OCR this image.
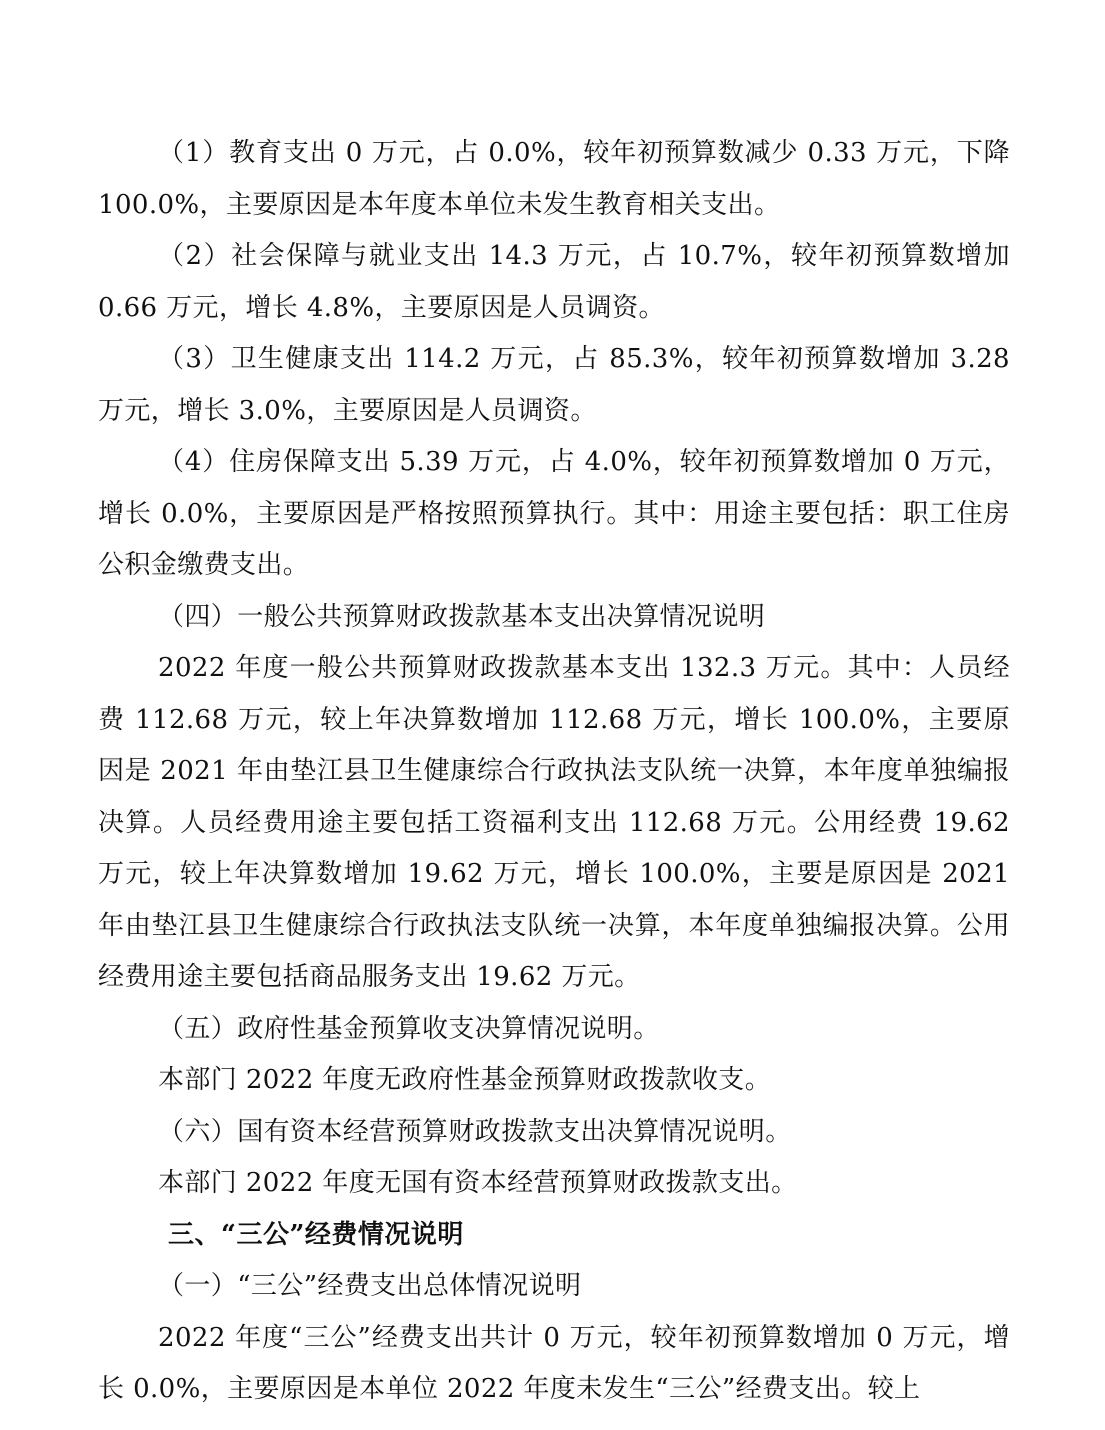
（1）教育支出 0 万元，占 0.0%，较年初预算数减少 0.33 万元，下降 100.0%，主要原因是本年度本单位未发生教育相关支出。

（2）社会保障与就业支出 14.3 万元，占 10.7%，较年初预算数增加 0.66 万元，增长 4.8%，主要原因是人员调资。

（3）卫生健康支出 114.2 万元，占 85.3%，较年初预算数增加 3.28 万元，增长 3.0%，主要原因是人员调资。

（4）住房保障支出 5.39 万元，占 4.0%，较年初预算数增加 0 万元，增长 0.0%，主要原因是严格按照预算执行。其中：用途主要包括：职工住房公积金缴费支出。

（四）一般公共预算财政拨款基本支出决算情况说明

2022 年度一般公共预算财政拨款基本支出 132.3 万元。其中：人员经费 112.68 万元，较上年决算数增加 112.68 万元，增长 100.0%，主要原因是 2021 年由垫江县卫生健康综合行政执法支队统一决算，本年度单独编报决算。人员经费用途主要包括工资福利支出 112.68 万元。公用经费 19.62 万元，较上年决算数增加 19.62 万元，增长 100.0%，主要是原因是 2021 年由垫江县卫生健康综合行政执法支队统一决算，本年度单独编报决算。公用经费用途主要包括商品服务支出 19.62 万元。

（五）政府性基金预算收支决算情况说明。

本部门 2022 年度无政府性基金预算财政拨款收支。

（六）国有资本经营预算财政拨款支出决算情况说明。

本部门 2022 年度无国有资本经营预算财政拨款支出。

三、“三公”经费情况说明

（一）“三公”经费支出总体情况说明

2022 年度“三公”经费支出共计 0 万元，较年初预算数增加 0 万元，增长 0.0%，主要原因是本单位 2022 年度未发生“三公”经费支出。较上
